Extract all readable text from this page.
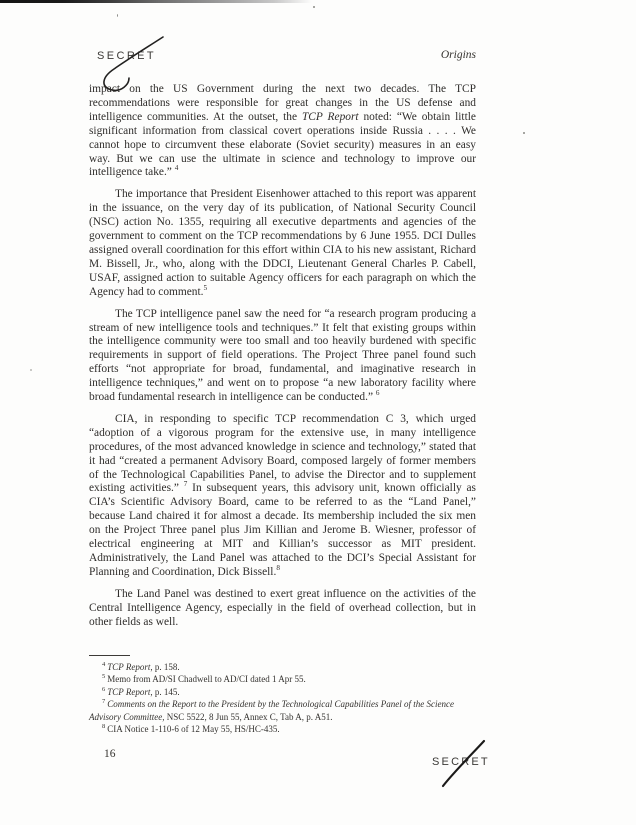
SECRET	Origins

impact on the US Government during the next two decades. The TCP recommendations were responsible for great changes in the US defense and intelligence communities. At the outset, the TCP Report noted: “We obtain little significant information from classical covert operations inside Russia . . . . We cannot hope to circumvent these elaborate (Soviet security) measures in an easy way. But we can use the ultimate in science and technology to improve our intelligence take.” $^4$

The importance that President Eisenhower attached to this report was apparent in the issuance, on the very day of its publication, of National Security Council (NSC) action No. 1355, requiring all executive departments and agencies of the government to comment on the TCP recommendations by 6 June 1955. DCI Dulles assigned overall coordination for this effort within CIA to his new assistant, Richard M. Bissell, Jr., who, along with the DDCI, Lieutenant General Charles P. Cabell, USAF, assigned action to suitable Agency officers for each paragraph on which the Agency had to comment.$^5$

The TCP intelligence panel saw the need for “a research program producing a stream of new intelligence tools and techniques.” It felt that existing groups within the intelligence community were too small and too heavily burdened with specific requirements in support of field operations. The Project Three panel found such efforts “not appropriate for broad, fundamental, and imaginative research in intelligence techniques,” and went on to propose “a new laboratory facility where broad fundamental research in intelligence can be conducted.” $^6$

CIA, in responding to specific TCP recommendation C 3, which urged “adoption of a vigorous program for the extensive use, in many intelligence procedures, of the most advanced knowledge in science and technology,” stated that it had “created a permanent Advisory Board, composed largely of former members of the Technological Capabilities Panel, to advise the Director and to supplement existing activities.” $^7$ In subsequent years, this advisory unit, known officially as CIA’s Scientific Advisory Board, came to be referred to as the “Land Panel,” because Land chaired it for almost a decade. Its membership included the six men on the Project Three panel plus Jim Killian and Jerome B. Wiesner, professor of electrical engineering at MIT and Killian’s successor as MIT president. Administratively, the Land Panel was attached to the DCI’s Special Assistant for Planning and Coordination, Dick Bissell.$^8$

The Land Panel was destined to exert great influence on the activities of the Central Intelligence Agency, especially in the field of overhead collection, but in other fields as well.

$^4$ TCP Report, p. 158.
$^5$ Memo from AD/SI Chadwell to AD/CI dated 1 Apr 55.
$^6$ TCP Report, p. 145.
$^7$ Comments on the Report to the President by the Technological Capabilities Panel of the Science Advisory Committee, NSC 5522, 8 Jun 55, Annex C, Tab A, p. A51.
$^8$ CIA Notice 1-110-6 of 12 May 55, HS/HC-435.
16
SECRET
